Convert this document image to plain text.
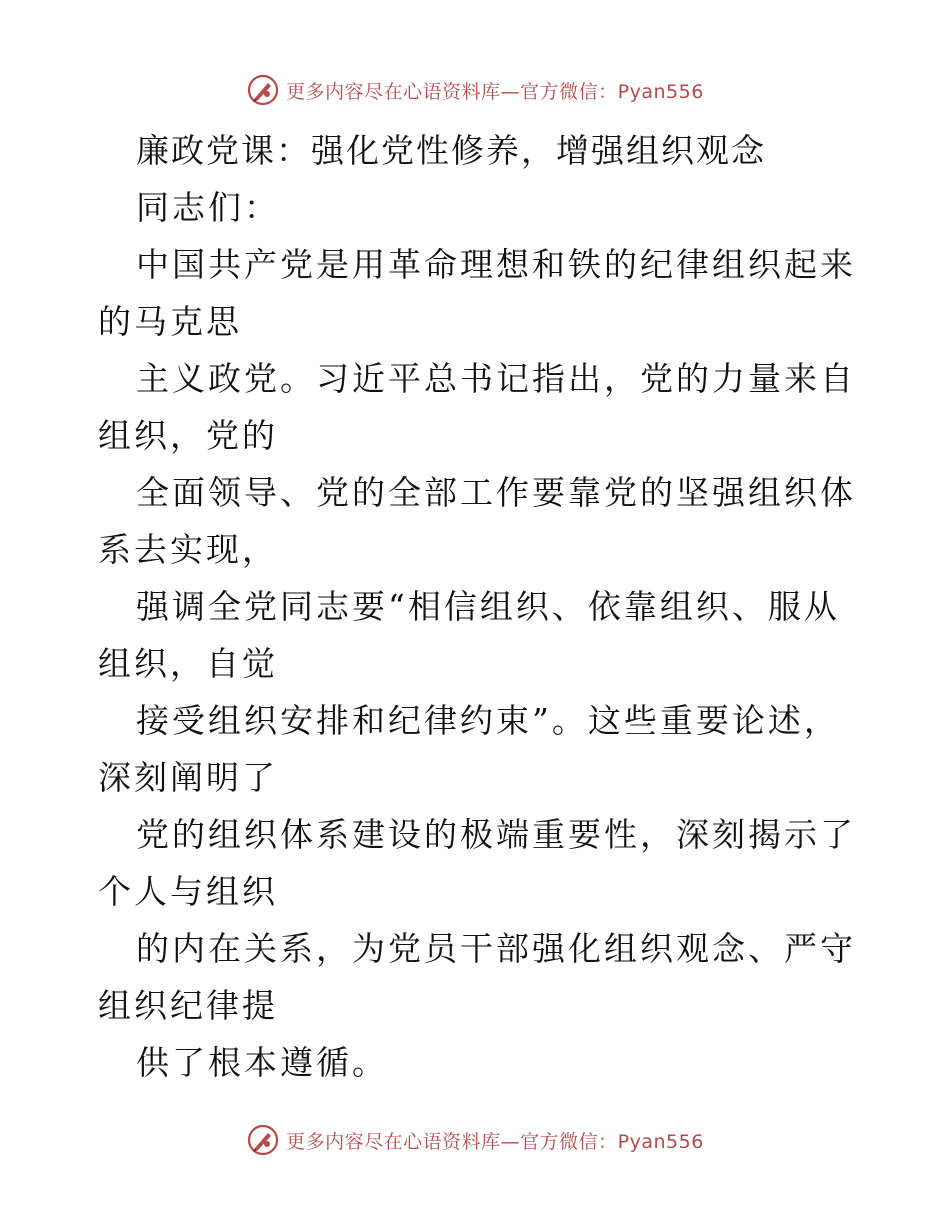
更多内容尽在心语资料库—官方微信：Pyan556

廉政党课：强化党性修养，增强组织观念

同志们：

中国共产党是用革命理想和铁的纪律组织起来的马克思

主义政党。习近平总书记指出，党的力量来自组织，党的

全面领导、党的全部工作要靠党的坚强组织体系去实现，

强调全党同志要“相信组织、依靠组织、服从组织，自觉

接受组织安排和纪律约束”。这些重要论述，深刻阐明了

党的组织体系建设的极端重要性，深刻揭示了个人与组织

的内在关系，为党员干部强化组织观念、严守组织纪律提

供了根本遵循。

更多内容尽在心语资料库—官方微信：Pyan556
